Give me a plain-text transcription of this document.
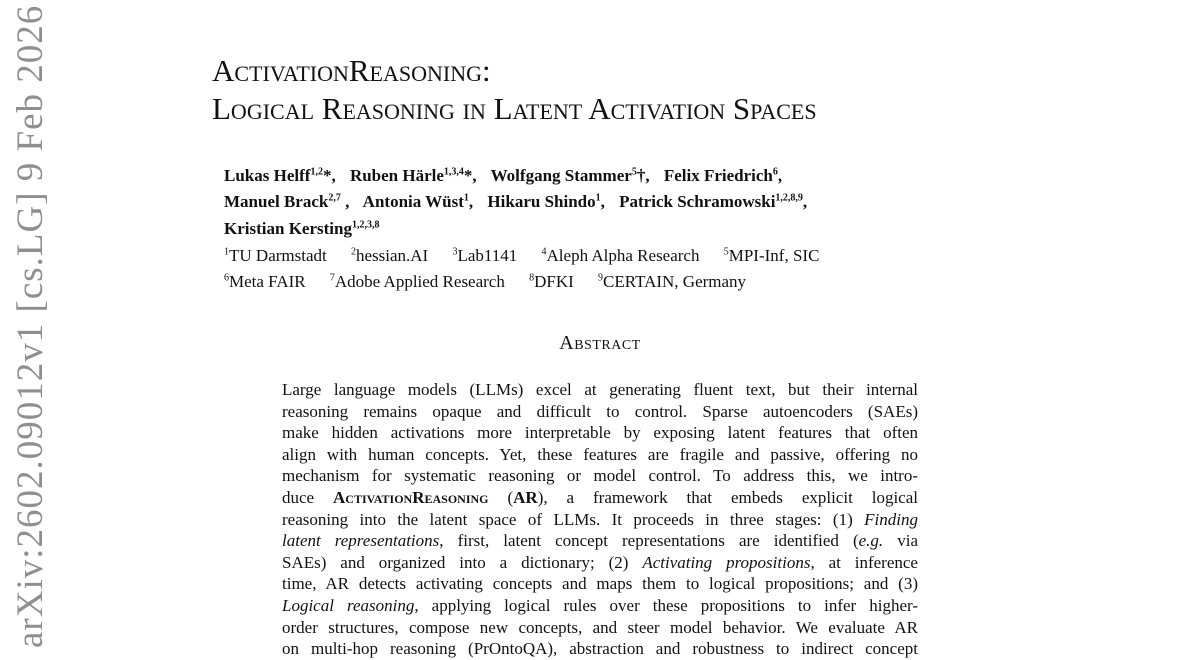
arXiv:2602.09012v1 [cs.LG] 9 Feb 2026	ActivationReasoning:
Logical Reasoning in Latent Activation Spaces
Lukas Helff$^{1,2}$*, Ruben Härle$^{1,3,4}$*, Wolfgang Stammer$^5$†, Felix Friedrich$^6$,
Manuel Brack$^{2,7}$ , Antonia Wüst$^1$, Hikaru Shindo$^1$, Patrick Schramowski$^{1,2,8,9}$,
Kristian Kersting$^{1,2,3,8}$
$^1$TU Darmstadt $^2$hessian.AI $^3$Lab1141 $^4$Aleph Alpha Research $^5$MPI-Inf, SIC
$^6$Meta FAIR $^7$Adobe Applied Research $^8$DFKI $^9$CERTAIN, Germany
Abstract
Large language models (LLMs) excel at generating fluent text, but their internal
reasoning remains opaque and difficult to control. Sparse autoencoders (SAEs)
make hidden activations more interpretable by exposing latent features that often
align with human concepts. Yet, these features are fragile and passive, offering no
mechanism for systematic reasoning or model control. To address this, we intro-
duce ActivationReasoning (AR), a framework that embeds explicit logical
reasoning into the latent space of LLMs. It proceeds in three stages: (1) Finding
latent representations, first, latent concept representations are identified (e.g. via
SAEs) and organized into a dictionary; (2) Activating propositions, at inference
time, AR detects activating concepts and maps them to logical propositions; and (3)
Logical reasoning, applying logical rules over these propositions to infer higher-
order structures, compose new concepts, and steer model behavior. We evaluate AR
on multi-hop reasoning (PrOntoQA), abstraction and robustness to indirect concept
